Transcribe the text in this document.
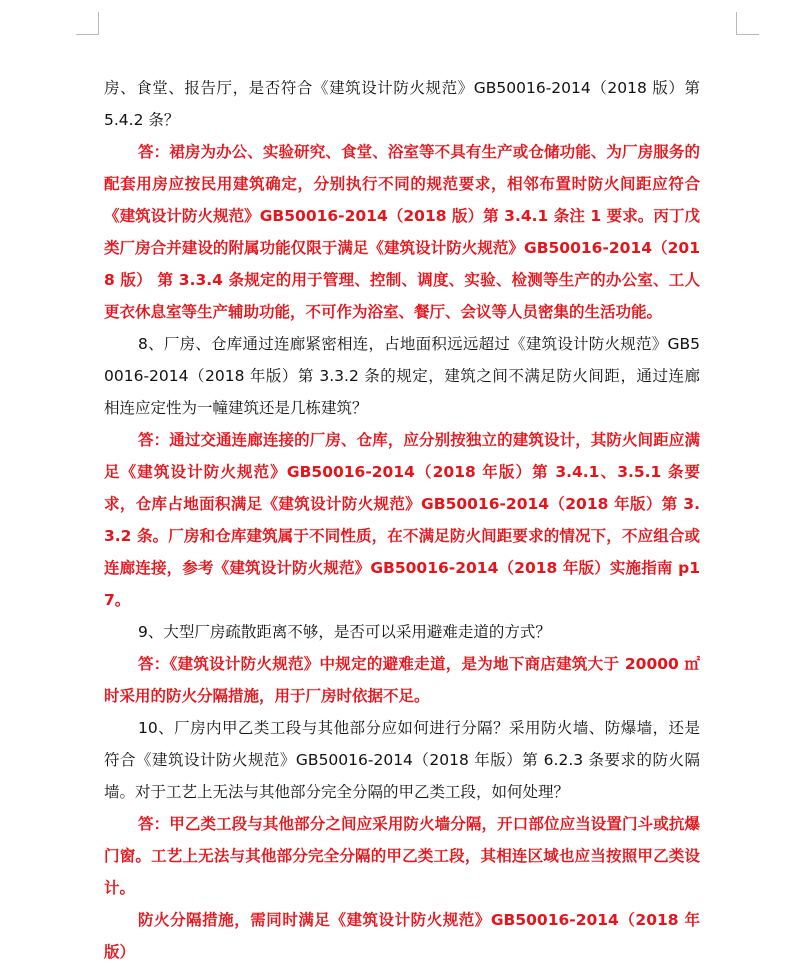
房、食堂、报告厅，是否符合《建筑设计防火规范》GB50016-2014（2018 版）第 5.4.2 条？

答：裙房为办公、实验研究、食堂、浴室等不具有生产或仓储功能、为厂房服务的配套用房应按民用建筑确定，分别执行不同的规范要求，相邻布置时防火间距应符合《建筑设计防火规范》GB50016-2014（2018 版）第 3.4.1 条注 1 要求。丙丁戊类厂房合并建设的附属功能仅限于满足《建筑设计防火规范》GB50016-2014（2018 版） 第 3.3.4 条规定的用于管理、控制、调度、实验、检测等生产的办公室、工人更衣休息室等生产辅助功能，不可作为浴室、餐厅、会议等人员密集的生活功能。

8、厂房、仓库通过连廊紧密相连，占地面积远远超过《建筑设计防火规范》GB50016-2014（2018 年版）第 3.3.2 条的规定，建筑之间不满足防火间距，通过连廊相连应定性为一幢建筑还是几栋建筑？

答：通过交通连廊连接的厂房、仓库，应分别按独立的建筑设计，其防火间距应满足《建筑设计防火规范》GB50016-2014（2018 年版）第 3.4.1、3.5.1 条要求，仓库占地面积满足《建筑设计防火规范》GB50016-2014（2018 年版）第 3.3.2 条。厂房和仓库建筑属于不同性质，在不满足防火间距要求的情况下，不应组合或连廊连接，参考《建筑设计防火规范》GB50016-2014（2018 年版）实施指南 p17。

9、大型厂房疏散距离不够，是否可以采用避难走道的方式？

答：《建筑设计防火规范》中规定的避难走道，是为地下商店建筑大于 20000 ㎡时采用的防火分隔措施，用于厂房时依据不足。

10、厂房内甲乙类工段与其他部分应如何进行分隔？采用防火墙、防爆墙，还是符合《建筑设计防火规范》GB50016-2014（2018 年版）第 6.2.3 条要求的防火隔墙。对于工艺上无法与其他部分完全分隔的甲乙类工段，如何处理？

答：甲乙类工段与其他部分之间应采用防火墙分隔，开口部位应当设置门斗或抗爆门窗。工艺上无法与其他部分完全分隔的甲乙类工段，其相连区域也应当按照甲乙类设计。

防火分隔措施，需同时满足《建筑设计防火规范》GB50016-2014（2018 年版）
